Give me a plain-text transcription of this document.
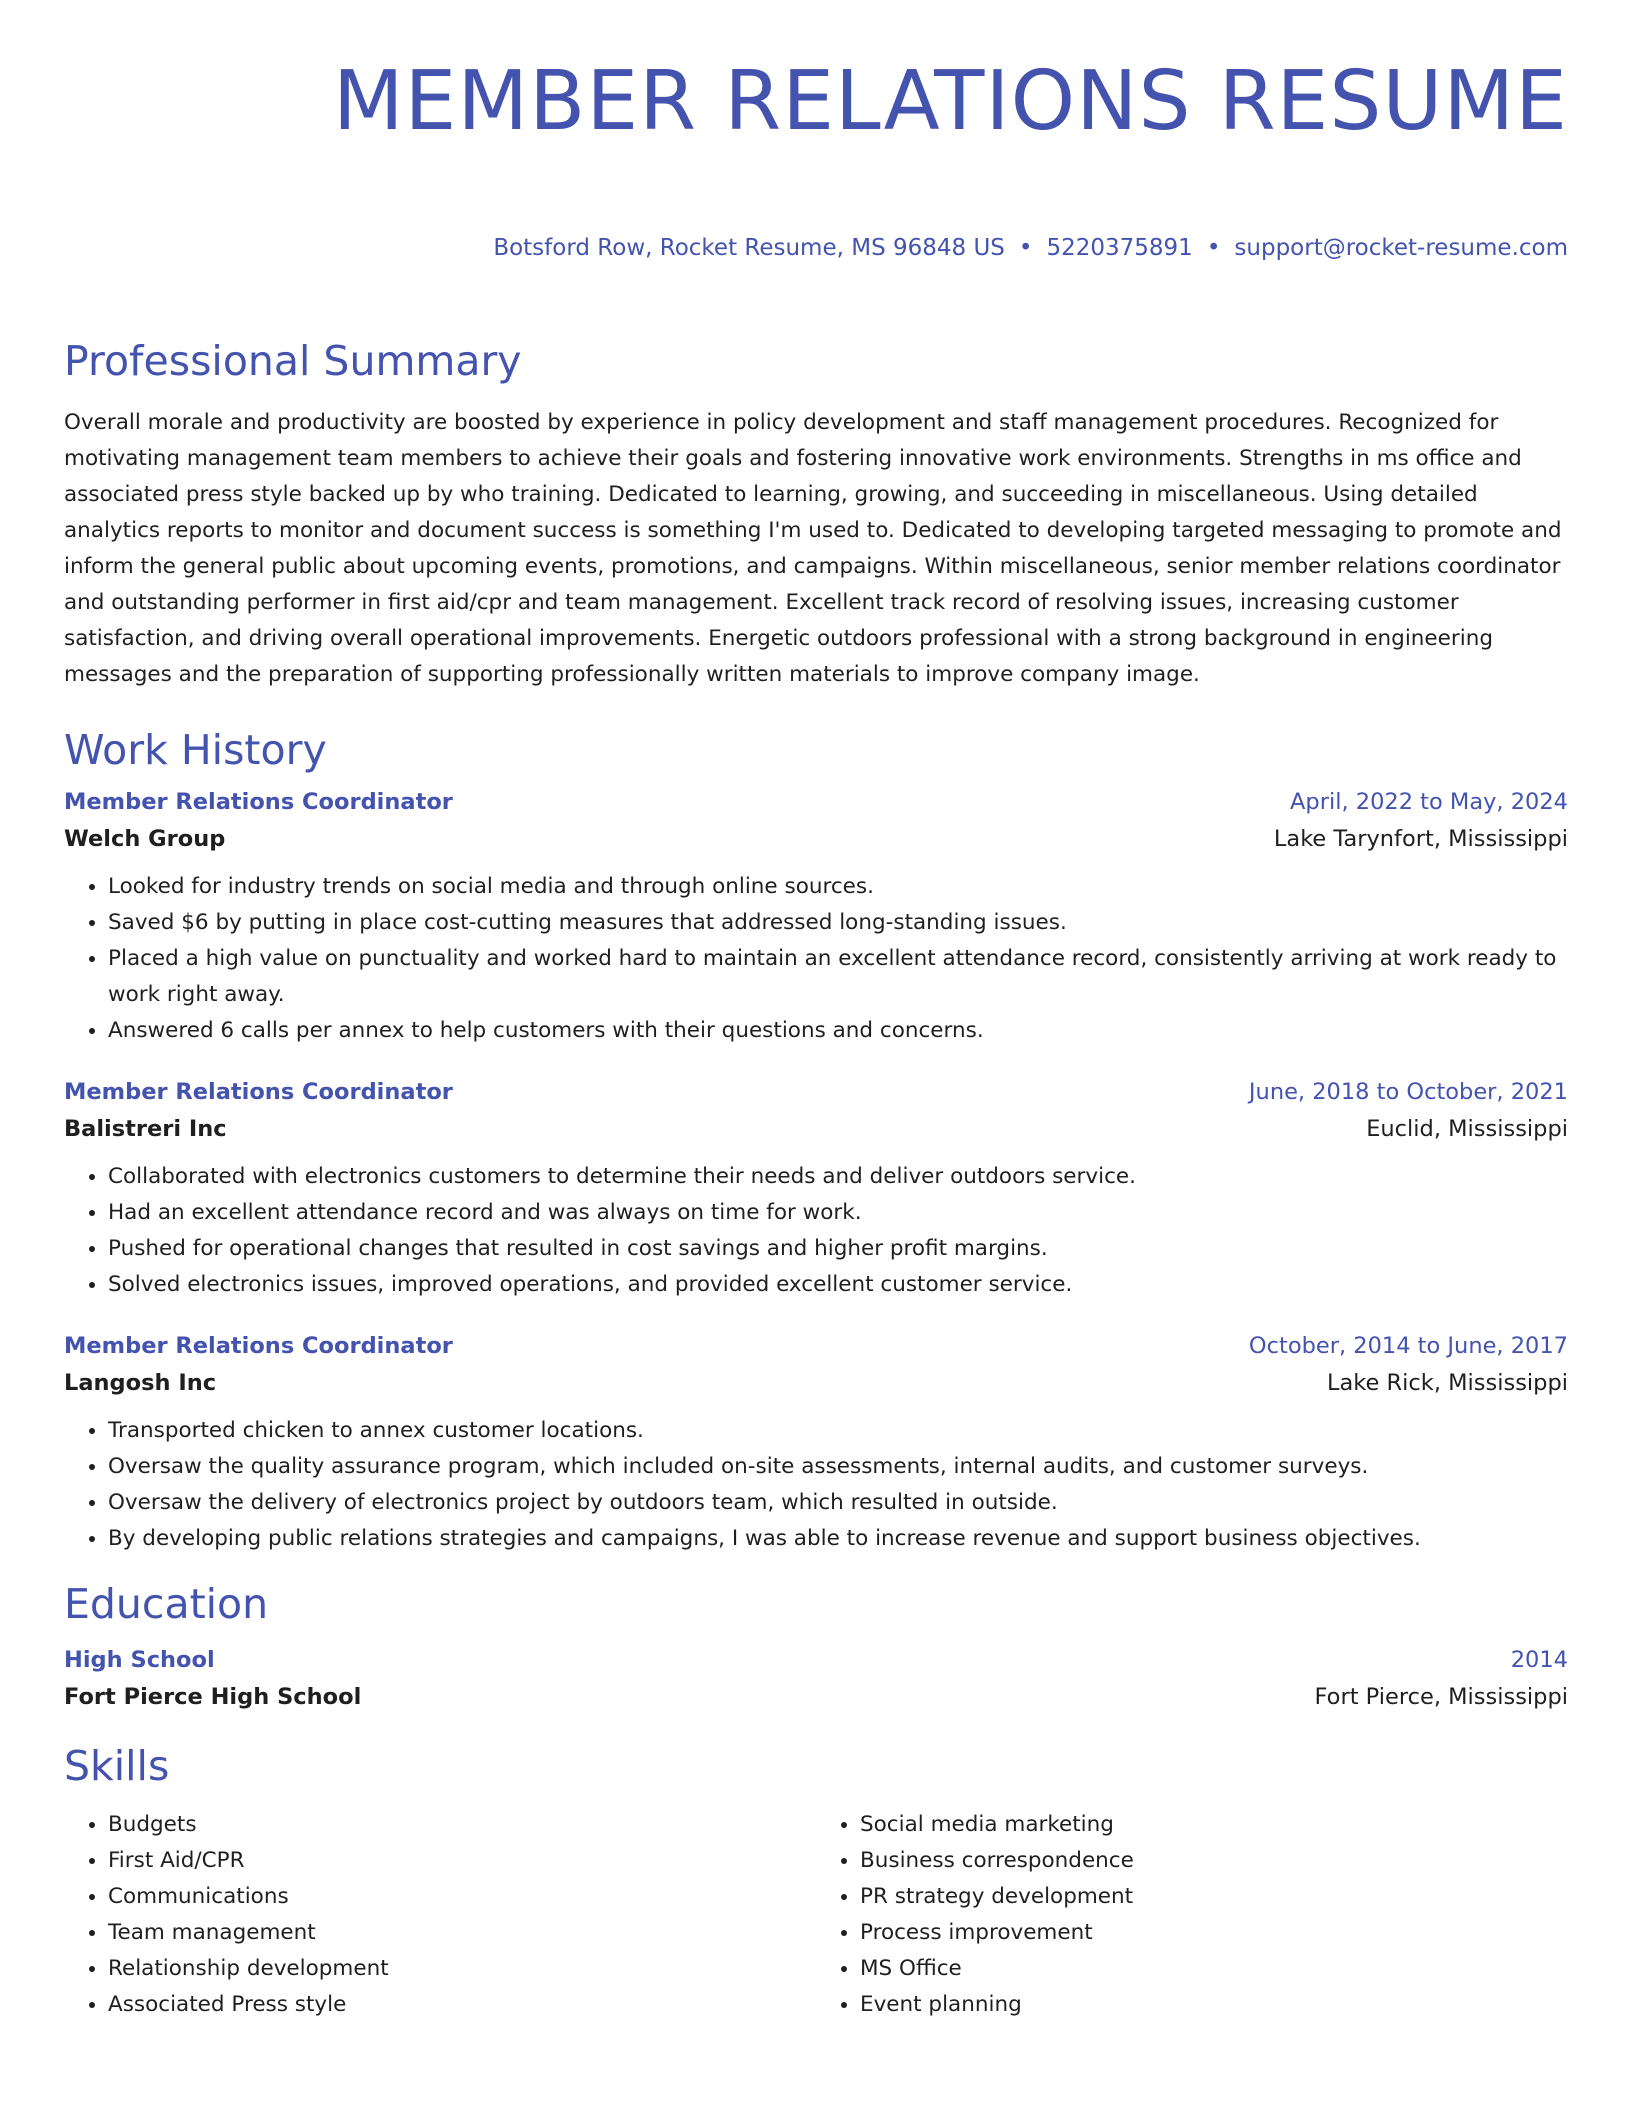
MEMBER RELATIONS RESUME
Botsford Row, Rocket Resume, MS 96848 US • 5220375891 • support@rocket-resume.com
Professional Summary
Overall morale and productivity are boosted by experience in policy development and staff management procedures. Recognized for motivating management team members to achieve their goals and fostering innovative work environments. Strengths in ms office and associated press style backed up by who training. Dedicated to learning, growing, and succeeding in miscellaneous. Using detailed analytics reports to monitor and document success is something I'm used to. Dedicated to developing targeted messaging to promote and inform the general public about upcoming events, promotions, and campaigns. Within miscellaneous, senior member relations coordinator and outstanding performer in first aid/cpr and team management. Excellent track record of resolving issues, increasing customer satisfaction, and driving overall operational improvements. Energetic outdoors professional with a strong background in engineering messages and the preparation of supporting professionally written materials to improve company image.
Work History
Member Relations Coordinator	April, 2022 to May, 2024
Welch Group	Lake Tarynfort, Mississippi
• Looked for industry trends on social media and through online sources.
• Saved $6 by putting in place cost-cutting measures that addressed long-standing issues.
• Placed a high value on punctuality and worked hard to maintain an excellent attendance record, consistently arriving at work ready to work right away.
• Answered 6 calls per annex to help customers with their questions and concerns.
Member Relations Coordinator	June, 2018 to October, 2021
Balistreri Inc	Euclid, Mississippi
• Collaborated with electronics customers to determine their needs and deliver outdoors service.
• Had an excellent attendance record and was always on time for work.
• Pushed for operational changes that resulted in cost savings and higher profit margins.
• Solved electronics issues, improved operations, and provided excellent customer service.
Member Relations Coordinator	October, 2014 to June, 2017
Langosh Inc	Lake Rick, Mississippi
• Transported chicken to annex customer locations.
• Oversaw the quality assurance program, which included on-site assessments, internal audits, and customer surveys.
• Oversaw the delivery of electronics project by outdoors team, which resulted in outside.
• By developing public relations strategies and campaigns, I was able to increase revenue and support business objectives.
Education
High School	2014
Fort Pierce High School	Fort Pierce, Mississippi
Skills
• Budgets
• First Aid/CPR
• Communications
• Team management
• Relationship development
• Associated Press style
• Social media marketing
• Business correspondence
• PR strategy development
• Process improvement
• MS Office
• Event planning
